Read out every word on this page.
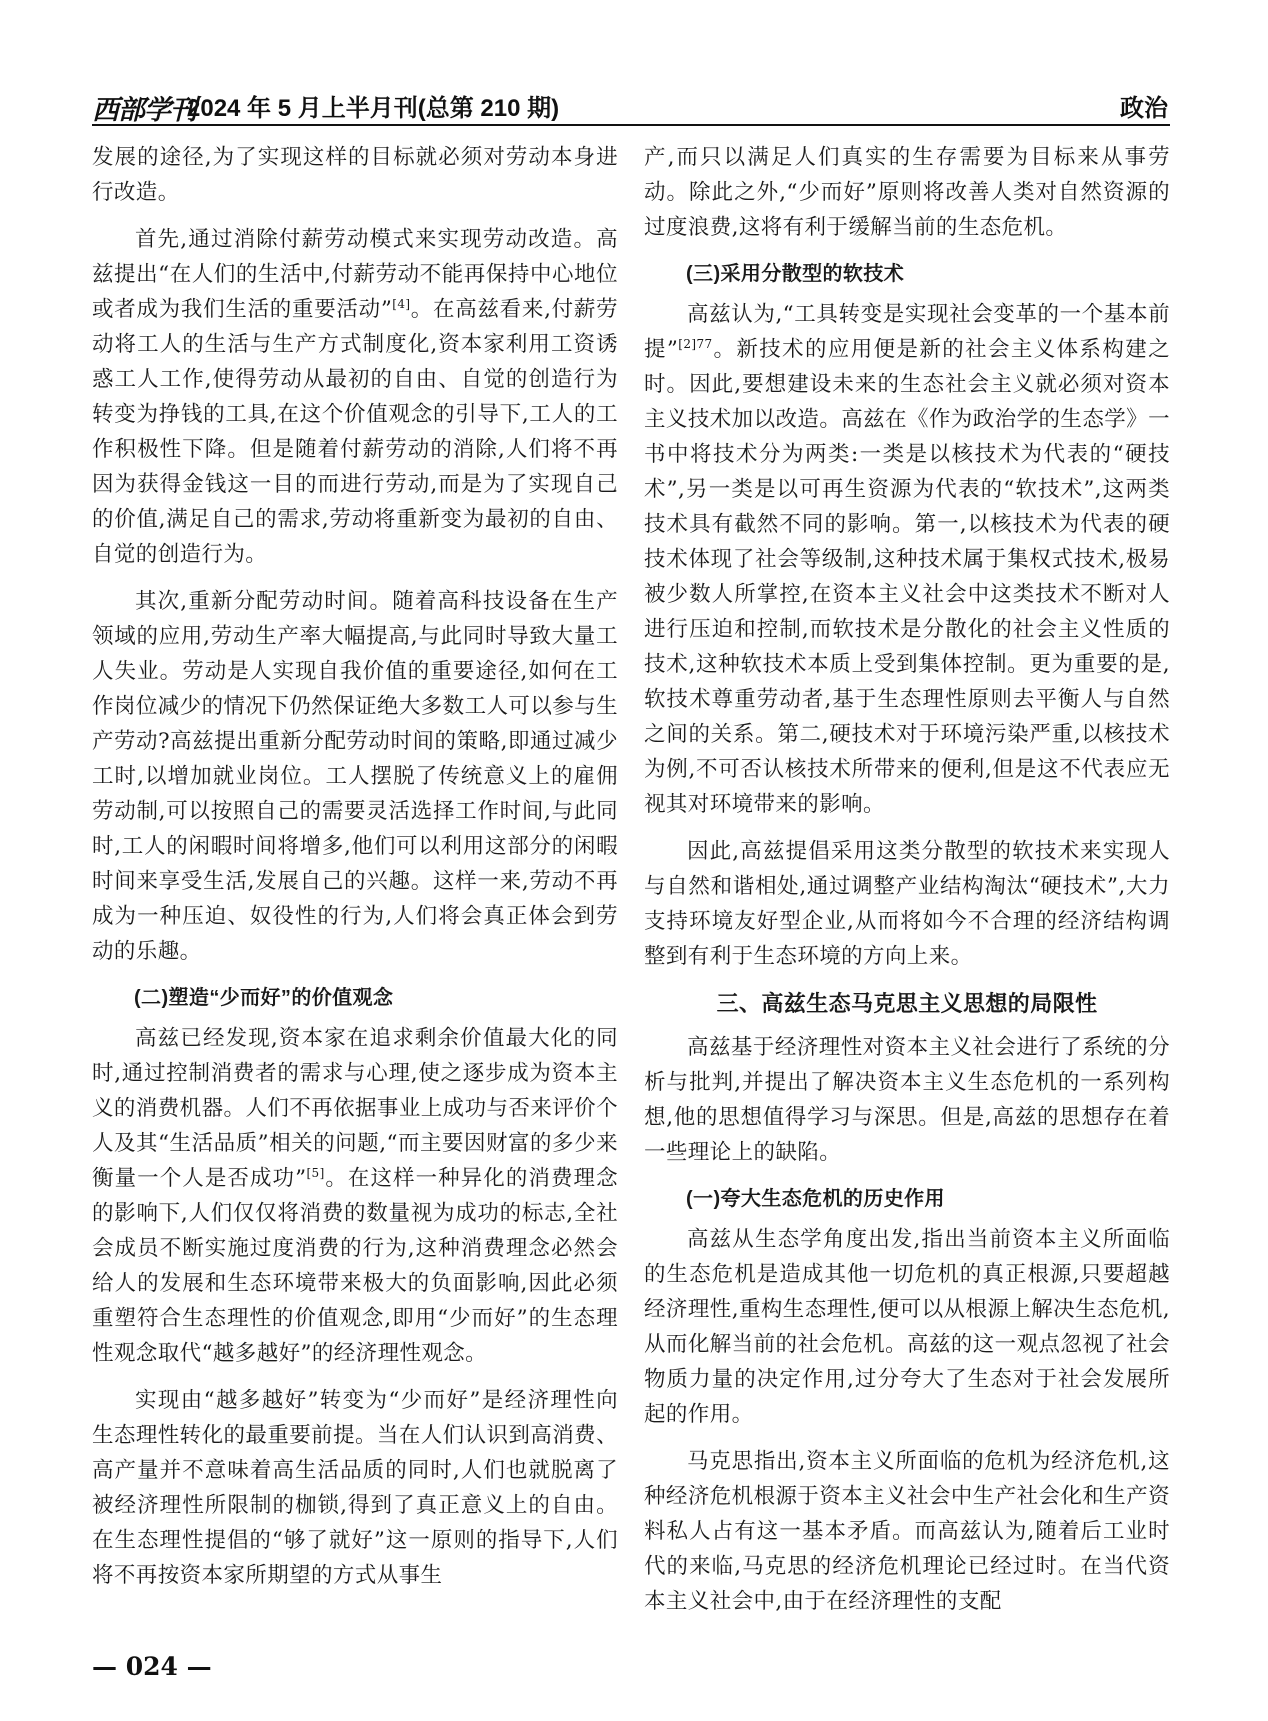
西部学刊
2024 年 5 月上半月刊(总第 210 期)	政治

发展的途径,为了实现这样的目标就必须对劳动本身进行改造。

首先,通过消除付薪劳动模式来实现劳动改造。高兹提出“在人们的生活中,付薪劳动不能再保持中心地位或者成为我们生活的重要活动”[4]。在高兹看来,付薪劳动将工人的生活与生产方式制度化,资本家利用工资诱惑工人工作,使得劳动从最初的自由、自觉的创造行为转变为挣钱的工具,在这个价值观念的引导下,工人的工作积极性下降。但是随着付薪劳动的消除,人们将不再因为获得金钱这一目的而进行劳动,而是为了实现自己的价值,满足自己的需求,劳动将重新变为最初的自由、自觉的创造行为。

其次,重新分配劳动时间。随着高科技设备在生产领域的应用,劳动生产率大幅提高,与此同时导致大量工人失业。劳动是人实现自我价值的重要途径,如何在工作岗位减少的情况下仍然保证绝大多数工人可以参与生产劳动?高兹提出重新分配劳动时间的策略,即通过减少工时,以增加就业岗位。工人摆脱了传统意义上的雇佣劳动制,可以按照自己的需要灵活选择工作时间,与此同时,工人的闲暇时间将增多,他们可以利用这部分的闲暇时间来享受生活,发展自己的兴趣。这样一来,劳动不再成为一种压迫、奴役性的行为,人们将会真正体会到劳动的乐趣。

(二)塑造“少而好”的价值观念

高兹已经发现,资本家在追求剩余价值最大化的同时,通过控制消费者的需求与心理,使之逐步成为资本主义的消费机器。人们不再依据事业上成功与否来评价个人及其“生活品质”相关的问题,“而主要因财富的多少来衡量一个人是否成功”[5]。在这样一种异化的消费理念的影响下,人们仅仅将消费的数量视为成功的标志,全社会成员不断实施过度消费的行为,这种消费理念必然会给人的发展和生态环境带来极大的负面影响,因此必须重塑符合生态理性的价值观念,即用“少而好”的生态理性观念取代“越多越好”的经济理性观念。

实现由“越多越好”转变为“少而好”是经济理性向生态理性转化的最重要前提。当在人们认识到高消费、高产量并不意味着高生活品质的同时,人们也就脱离了被经济理性所限制的枷锁,得到了真正意义上的自由。在生态理性提倡的“够了就好”这一原则的指导下,人们将不再按资本家所期望的方式从事生

产,而只以满足人们真实的生存需要为目标来从事劳动。除此之外,“少而好”原则将改善人类对自然资源的过度浪费,这将有利于缓解当前的生态危机。

(三)采用分散型的软技术

高兹认为,“工具转变是实现社会变革的一个基本前提”$^{[2]77}$。新技术的应用便是新的社会主义体系构建之时。因此,要想建设未来的生态社会主义就必须对资本主义技术加以改造。高兹在《作为政治学的生态学》一书中将技术分为两类:一类是以核技术为代表的“硬技术”,另一类是以可再生资源为代表的“软技术”,这两类技术具有截然不同的影响。第一,以核技术为代表的硬技术体现了社会等级制,这种技术属于集权式技术,极易被少数人所掌控,在资本主义社会中这类技术不断对人进行压迫和控制,而软技术是分散化的社会主义性质的技术,这种软技术本质上受到集体控制。更为重要的是,软技术尊重劳动者,基于生态理性原则去平衡人与自然之间的关系。第二,硬技术对于环境污染严重,以核技术为例,不可否认核技术所带来的便利,但是这不代表应无视其对环境带来的影响。

因此,高兹提倡采用这类分散型的软技术来实现人与自然和谐相处,通过调整产业结构淘汰“硬技术”,大力支持环境友好型企业,从而将如今不合理的经济结构调整到有利于生态环境的方向上来。

三、高兹生态马克思主义思想的局限性

高兹基于经济理性对资本主义社会进行了系统的分析与批判,并提出了解决资本主义生态危机的一系列构想,他的思想值得学习与深思。但是,高兹的思想存在着一些理论上的缺陷。

(一)夸大生态危机的历史作用

高兹从生态学角度出发,指出当前资本主义所面临的生态危机是造成其他一切危机的真正根源,只要超越经济理性,重构生态理性,便可以从根源上解决生态危机,从而化解当前的社会危机。高兹的这一观点忽视了社会物质力量的决定作用,过分夸大了生态对于社会发展所起的作用。

马克思指出,资本主义所面临的危机为经济危机,这种经济危机根源于资本主义社会中生产社会化和生产资料私人占有这一基本矛盾。而高兹认为,随着后工业时代的来临,马克思的经济危机理论已经过时。在当代资本主义社会中,由于在经济理性的支配

— 024 —
